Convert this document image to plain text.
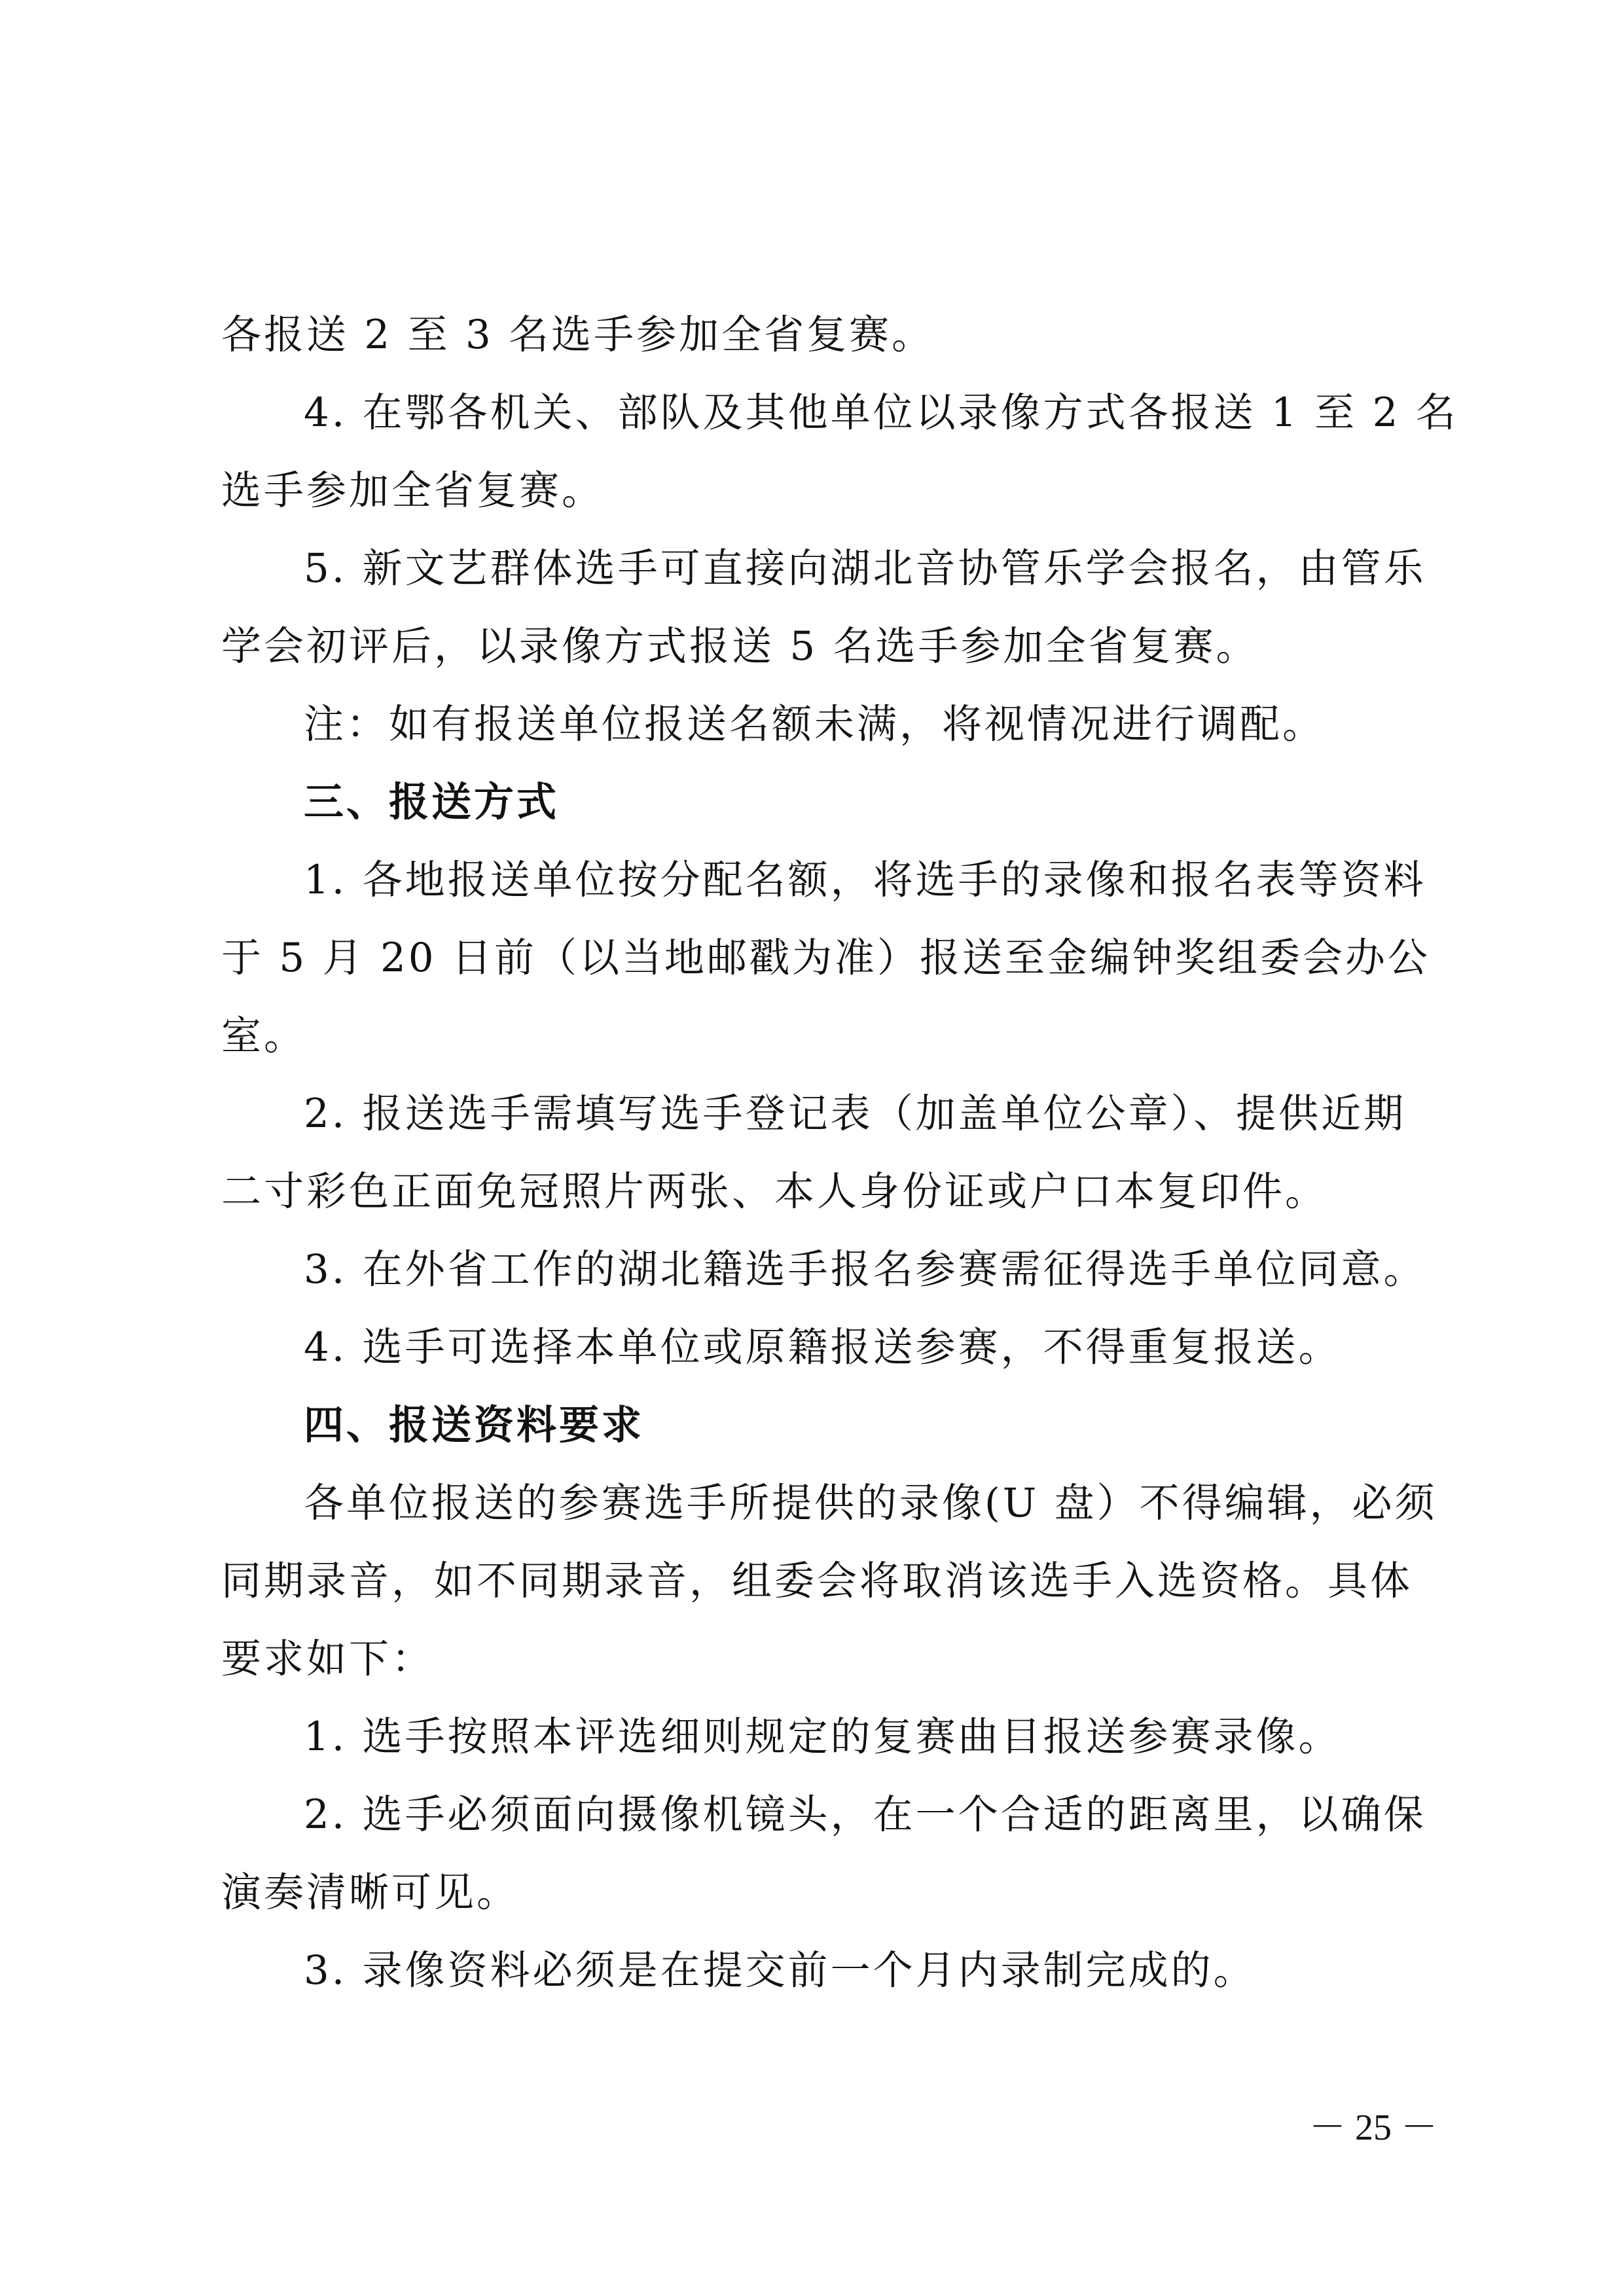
各报送 2 至 3 名选手参加全省复赛。
4. 在鄂各机关、部队及其他单位以录像方式各报送 1 至 2 名
选手参加全省复赛。
5. 新文艺群体选手可直接向湖北音协管乐学会报名，由管乐
学会初评后，以录像方式报送 5 名选手参加全省复赛。
注：如有报送单位报送名额未满，将视情况进行调配。
三、报送方式
1. 各地报送单位按分配名额，将选手的录像和报名表等资料
于 5 月 20 日前（以当地邮戳为准）报送至金编钟奖组委会办公
室。
2. 报送选手需填写选手登记表（加盖单位公章）、提供近期
二寸彩色正面免冠照片两张、本人身份证或户口本复印件。
3. 在外省工作的湖北籍选手报名参赛需征得选手单位同意。
4. 选手可选择本单位或原籍报送参赛，不得重复报送。
四、报送资料要求
各单位报送的参赛选手所提供的录像(U 盘）不得编辑，必须
同期录音，如不同期录音，组委会将取消该选手入选资格。具体
要求如下：
1. 选手按照本评选细则规定的复赛曲目报送参赛录像。
2. 选手必须面向摄像机镜头，在一个合适的距离里，以确保
演奏清晰可见。
3. 录像资料必须是在提交前一个月内录制完成的。
－ 25 －
